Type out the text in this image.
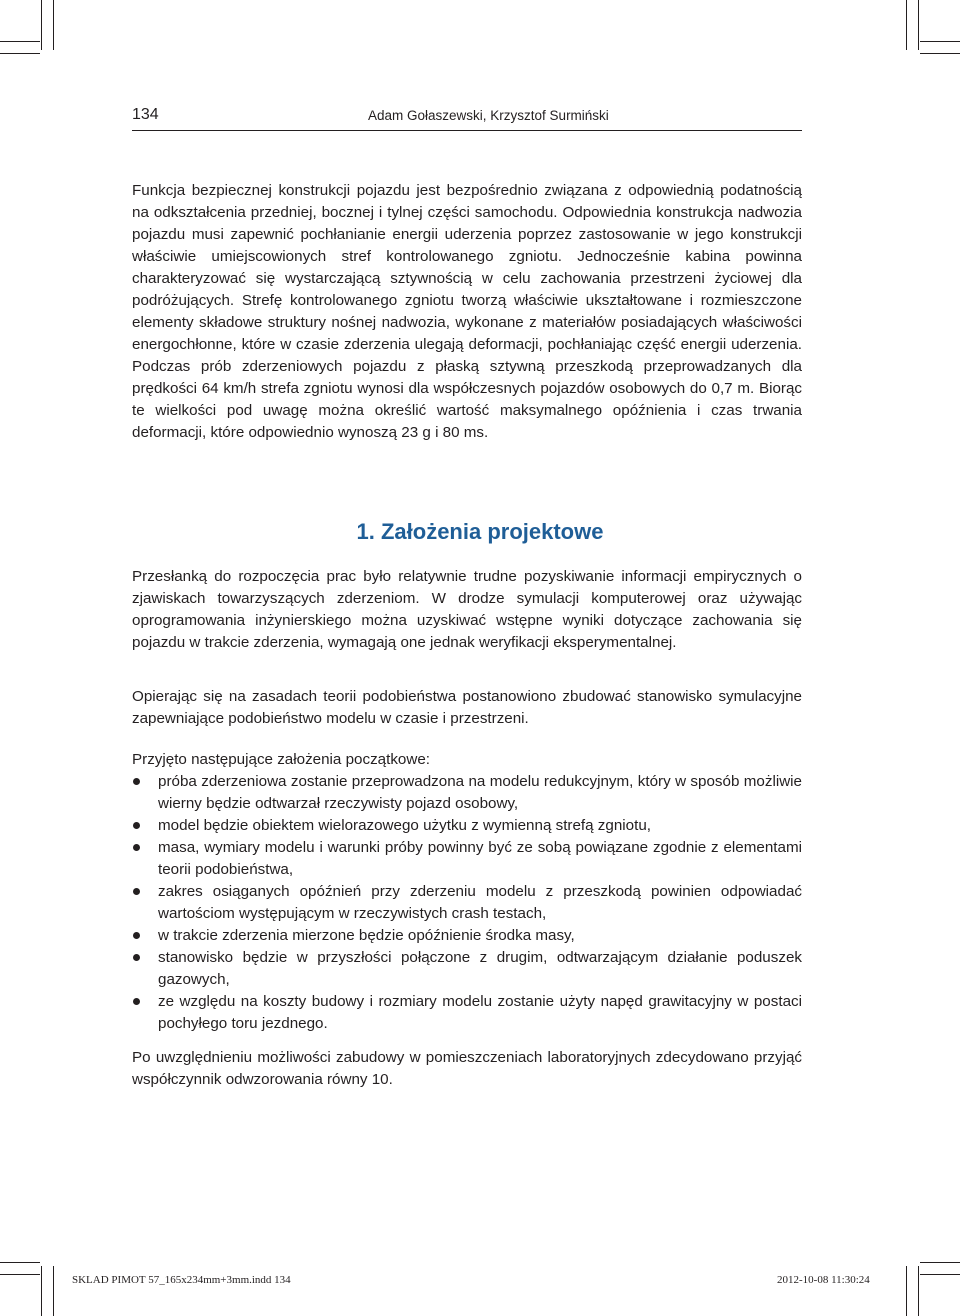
134	Adam Gołaszewski, Krzysztof Surmiński

Funkcja bezpiecznej konstrukcji pojazdu jest bezpośrednio związana z odpowiednią podatnością na odkształcenia przedniej, bocznej i tylnej części samochodu. Odpowiednia konstrukcja nadwozia pojazdu musi zapewnić pochłanianie energii uderzenia poprzez zastosowanie w jego konstrukcji właściwie umiejscowionych stref kontrolowanego zgniotu. Jednocześnie kabina powinna charakteryzować się wystarczającą sztywnością w celu zachowania przestrzeni życiowej dla podróżujących. Strefę kontrolowanego zgniotu tworzą właściwie ukształtowane i rozmieszczone elementy składowe struktury nośnej nadwozia, wykonane z materiałów posiadających właściwości energochłonne, które w czasie zderzenia ulegają deformacji, pochłaniając część energii uderzenia. Podczas prób zderzeniowych pojazdu z płaską sztywną przeszkodą przeprowadzanych dla prędkości 64 km/h strefa zgniotu wynosi dla współczesnych pojazdów osobowych do 0,7 m. Biorąc te wielkości pod uwagę można określić wartość maksymalnego opóźnienia i czas trwania deformacji, które odpowiednio wynoszą 23 g i 80 ms.

1. Założenia projektowe

Przesłanką do rozpoczęcia prac było relatywnie trudne pozyskiwanie informacji empirycznych o zjawiskach towarzyszących zderzeniom. W drodze symulacji komputerowej oraz używając oprogramowania inżynierskiego można uzyskiwać wstępne wyniki dotyczące zachowania się pojazdu w trakcie zderzenia, wymagają one jednak weryfikacji eksperymentalnej.

Opierając się na zasadach teorii podobieństwa postanowiono zbudować stanowisko symulacyjne zapewniające podobieństwo modelu w czasie i przestrzeni.

Przyjęto następujące założenia początkowe:

próba zderzeniowa zostanie przeprowadzona na modelu redukcyjnym, który w sposób możliwie wierny będzie odtwarzał rzeczywisty pojazd osobowy,
model będzie obiektem wielorazowego użytku z wymienną strefą zgniotu,
masa, wymiary modelu i warunki próby powinny być ze sobą powiązane zgodnie z elementami teorii podobieństwa,
zakres osiąganych opóźnień przy zderzeniu modelu z przeszkodą powinien odpowiadać wartościom występującym w rzeczywistych crash testach,
w trakcie zderzenia mierzone będzie opóźnienie środka masy,
stanowisko będzie w przyszłości połączone z drugim, odtwarzającym działanie poduszek gazowych,
ze względu na koszty budowy i rozmiary modelu zostanie użyty napęd grawitacyjny w postaci pochyłego toru jezdnego.

Po uwzględnieniu możliwości zabudowy w pomieszczeniach laboratoryjnych zdecydowano przyjąć współczynnik odwzorowania równy 10.

SKLAD PIMOT 57_165x234mm+3mm.indd 134	2012-10-08 11:30:24
